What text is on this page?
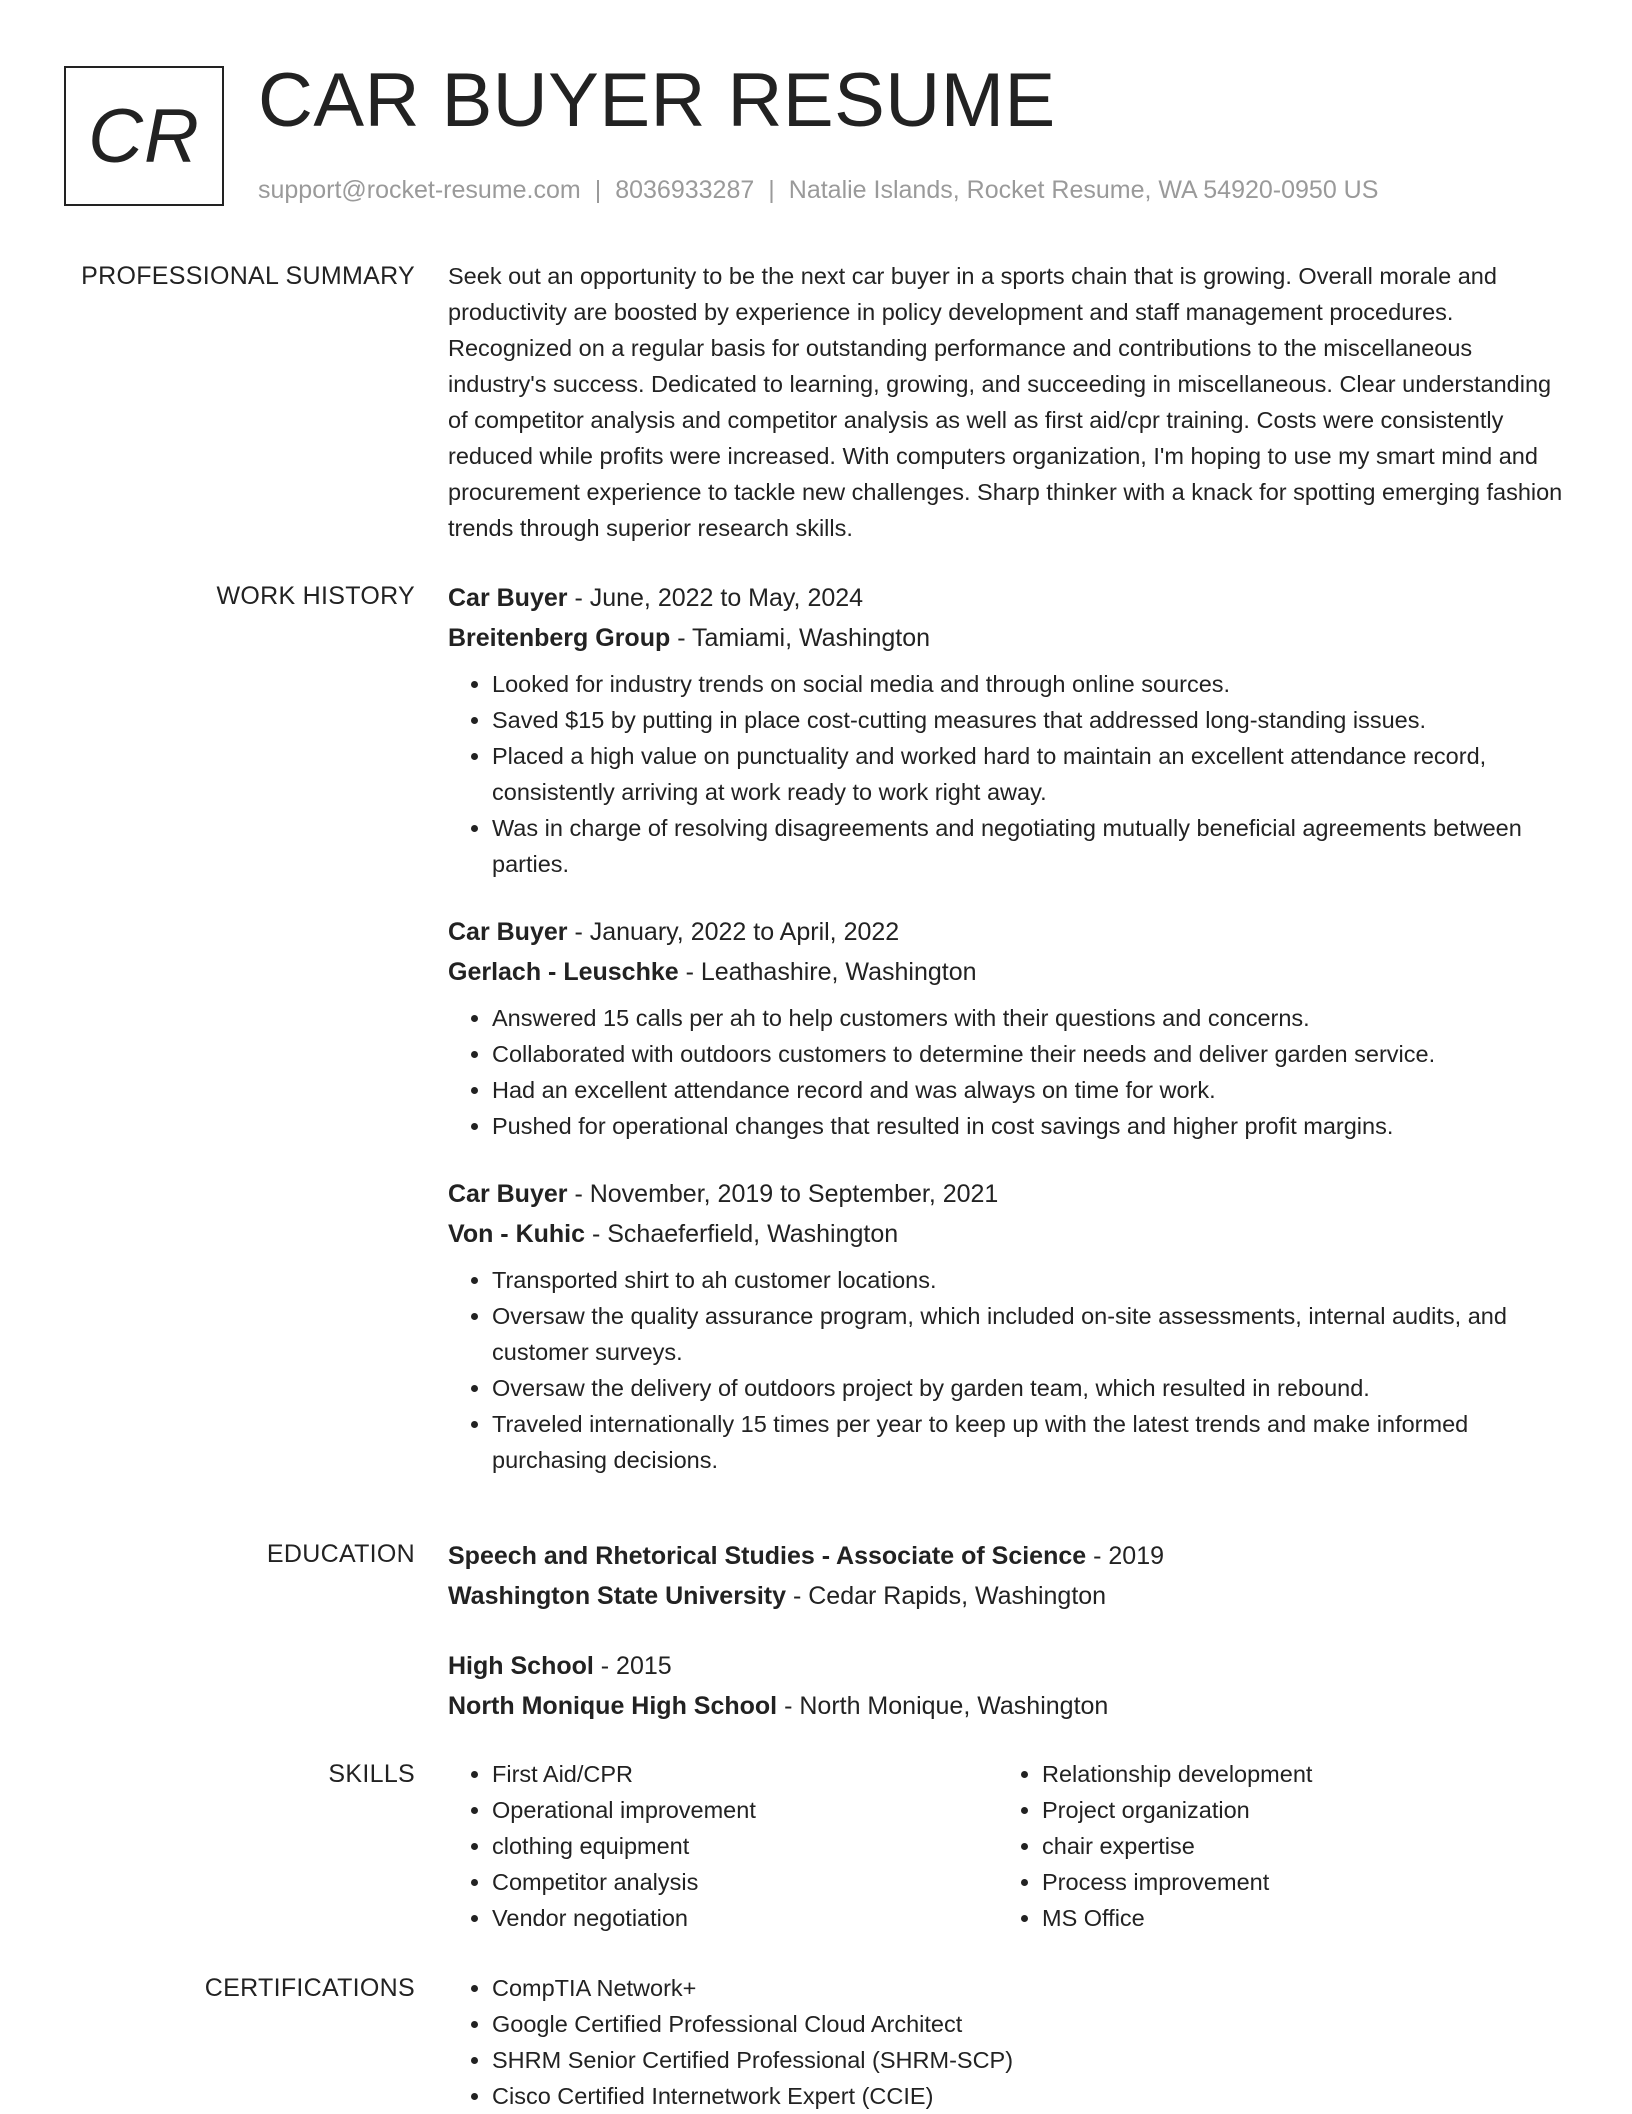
CR CAR BUYER RESUME
support@rocket-resume.com | 8036933287 | Natalie Islands, Rocket Resume, WA 54920-0950 US
PROFESSIONAL SUMMARY Seek out an opportunity to be the next car buyer in a sports chain that is growing. Overall morale and productivity are boosted by experience in policy development and staff management procedures. Recognized on a regular basis for outstanding performance and contributions to the miscellaneous industry's success. Dedicated to learning, growing, and succeeding in miscellaneous. Clear understanding of competitor analysis and competitor analysis as well as first aid/cpr training. Costs were consistently reduced while profits were increased. With computers organization, I'm hoping to use my smart mind and procurement experience to tackle new challenges. Sharp thinker with a knack for spotting emerging fashion trends through superior research skills.

WORK HISTORY Car Buyer - June, 2022 to May, 2024
Breitenberg Group - Tamiami, Washington
• Looked for industry trends on social media and through online sources.
• Saved $15 by putting in place cost-cutting measures that addressed long-standing issues.
• Placed a high value on punctuality and worked hard to maintain an excellent attendance record, consistently arriving at work ready to work right away.
• Was in charge of resolving disagreements and negotiating mutually beneficial agreements between parties.
Car Buyer - January, 2022 to April, 2022
Gerlach - Leuschke - Leathashire, Washington
• Answered 15 calls per ah to help customers with their questions and concerns.
• Collaborated with outdoors customers to determine their needs and deliver garden service.
• Had an excellent attendance record and was always on time for work.
• Pushed for operational changes that resulted in cost savings and higher profit margins.
Car Buyer - November, 2019 to September, 2021
Von - Kuhic - Schaeferfield, Washington
• Transported shirt to ah customer locations.
• Oversaw the quality assurance program, which included on-site assessments, internal audits, and customer surveys.
• Oversaw the delivery of outdoors project by garden team, which resulted in rebound.
• Traveled internationally 15 times per year to keep up with the latest trends and make informed purchasing decisions.
EDUCATION Speech and Rhetorical Studies - Associate of Science - 2019
Washington State University - Cedar Rapids, Washington
High School - 2015
North Monique High School - North Monique, Washington
SKILLS	• First Aid/CPR
• Operational improvement
• clothing equipment
• Competitor analysis
• Vendor negotiation
• Relationship development
• Project organization
• chair expertise
• Process improvement
• MS Office
CERTIFICATIONS	• CompTIA Network+
• Google Certified Professional Cloud Architect
• SHRM Senior Certified Professional (SHRM-SCP)
• Cisco Certified Internetwork Expert (CCIE)
